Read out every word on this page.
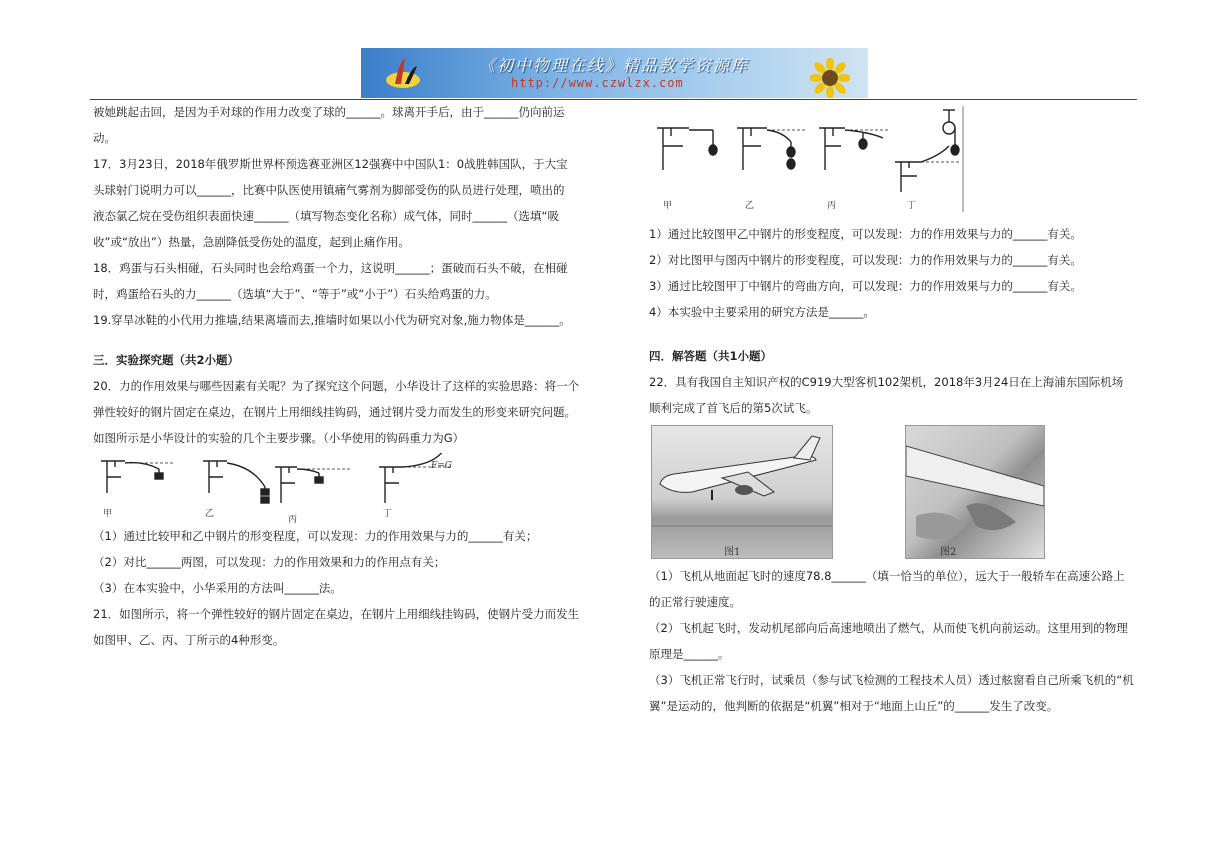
《初中物理在线》精品教学资源库
http://www.czwlzx.com

被她跳起击回，是因为手对球的作用力改变了球的______。球离开手后，由于______仍向前运

动。

17．3月23日，2018年俄罗斯世界杯预选赛亚洲区12强赛中中国队1：0战胜韩国队，于大宝

头球射门说明力可以______，比赛中队医使用镇痛气雾剂为脚部受伤的队员进行处理，喷出的

液态氯乙烷在受伤组织表面快速______（填写物态变化名称）成气体，同时______（选填“吸

收”或“放出”）热量，急剧降低受伤处的温度，起到止痛作用。

18．鸡蛋与石头相碰，石头同时也会给鸡蛋一个力，这说明______；蛋破而石头不破，在相碰

时，鸡蛋给石头的力______（选填“大于”、“等于”或“小于”）石头给鸡蛋的力。

19.穿旱冰鞋的小代用力推墙,结果离墙而去,推墙时如果以小代为研究对象,施力物体是______。

三．实验探究题（共2小题）

20．力的作用效果与哪些因素有关呢？为了探究这个问题，小华设计了这样的实验思路：将一个

弹性较好的钢片固定在桌边，在钢片上用细线挂钩码，通过钢片受力而发生的形变来研究问题。

如图所示是小华设计的实验的几个主要步骤。（小华使用的钩码重力为G）

甲	乙
丙
丁
F=G

（1）通过比较甲和乙中钢片的形变程度，可以发现：力的作用效果与力的______有关；

（2）对比______两图，可以发现：力的作用效果和力的作用点有关；

（3）在本实验中，小华采用的方法叫______法。

21．如图所示，将一个弹性较好的钢片固定在桌边，在钢片上用细线挂钩码，使钢片受力而发生

如图甲、乙、丙、丁所示的4种形变。

甲	乙	丙	丁

1）通过比较图甲乙中钢片的形变程度，可以发现：力的作用效果与力的______有关。

2）对比图甲与图丙中钢片的形变程度，可以发现：力的作用效果与力的______有关。

3）通过比较图甲丁中钢片的弯曲方向，可以发现：力的作用效果与力的______有关。

4）本实验中主要采用的研究方法是______。

四．解答题（共1小题）

22．具有我国自主知识产权的C919大型客机102架机，2018年3月24日在上海浦东国际机场

顺利完成了首飞后的第5次试飞。

图1	图2

（1）飞机从地面起飞时的速度78.8______（填一恰当的单位），远大于一般轿车在高速公路上

的正常行驶速度。

（2）飞机起飞时，发动机尾部向后高速地喷出了燃气，从而使飞机向前运动。这里用到的物理

原理是______。

（3）飞机正常飞行时，试乘员（参与试飞检测的工程技术人员）透过舷窗看自己所乘飞机的“机

翼”是运动的，他判断的依据是“机翼”相对于“地面上山丘”的______发生了改变。
